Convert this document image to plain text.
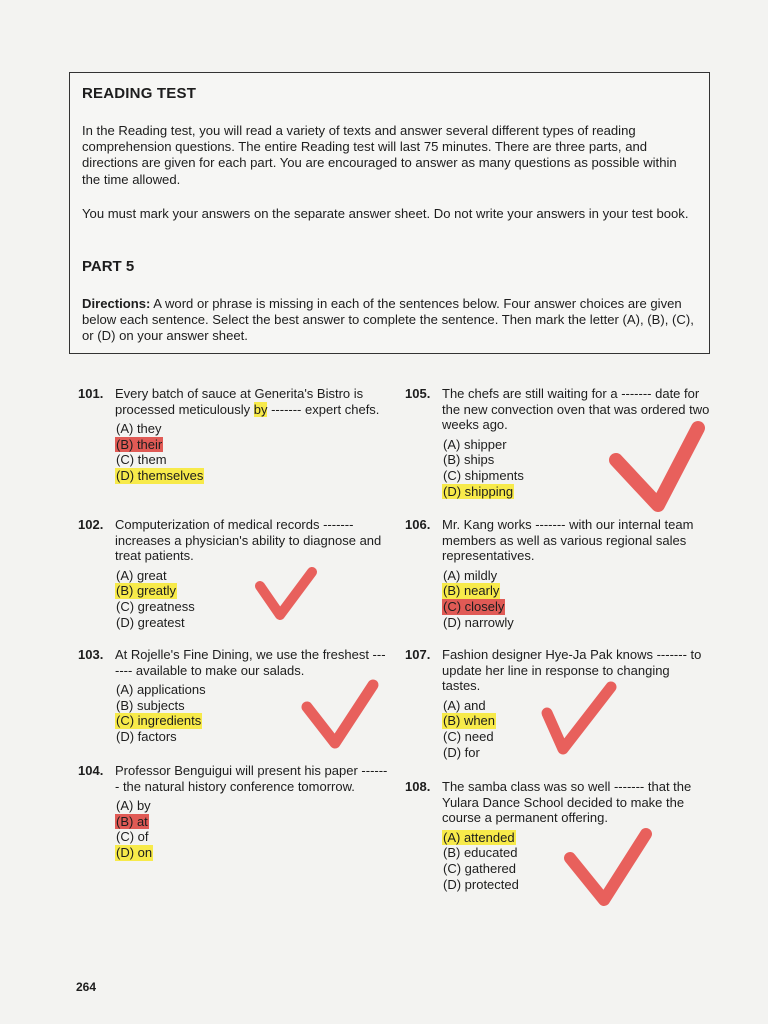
READING TEST

In the Reading test, you will read a variety of texts and answer several different types of reading comprehension questions. The entire Reading test will last 75 minutes. There are three parts, and directions are given for each part. You are encouraged to answer as many questions as possible within the time allowed.

You must mark your answers on the separate answer sheet. Do not write your answers in your test book.

PART 5

Directions: A word or phrase is missing in each of the sentences below. Four answer choices are given below each sentence. Select the best answer to complete the sentence. Then mark the letter (A), (B), (C), or (D) on your answer sheet.

101. Every batch of sauce at Generita's Bistro is processed meticulously by ------- expert chefs.
(A) they
(B) their
(C) them
(D) themselves
102. Computerization of medical records ------- increases a physician's ability to diagnose and treat patients.
(A) great
(B) greatly
(C) greatness
(D) greatest
103. At Rojelle's Fine Dining, we use the freshest ------- available to make our salads.
(A) applications
(B) subjects
(C) ingredients
(D) factors
104. Professor Benguigui will present his paper ------- the natural history conference tomorrow.
(A) by
(B) at
(C) of
(D) on
105. The chefs are still waiting for a ------- date for the new convection oven that was ordered two weeks ago.
(A) shipper
(B) ships
(C) shipments
(D) shipping
106. Mr. Kang works ------- with our internal team members as well as various regional sales representatives.
(A) mildly
(B) nearly
(C) closely
(D) narrowly
107. Fashion designer Hye-Ja Pak knows ------- to update her line in response to changing tastes.
(A) and
(B) when
(C) need
(D) for
108. The samba class was so well ------- that the Yulara Dance School decided to make the course a permanent offering.
(A) attended
(B) educated
(C) gathered
(D) protected
264
